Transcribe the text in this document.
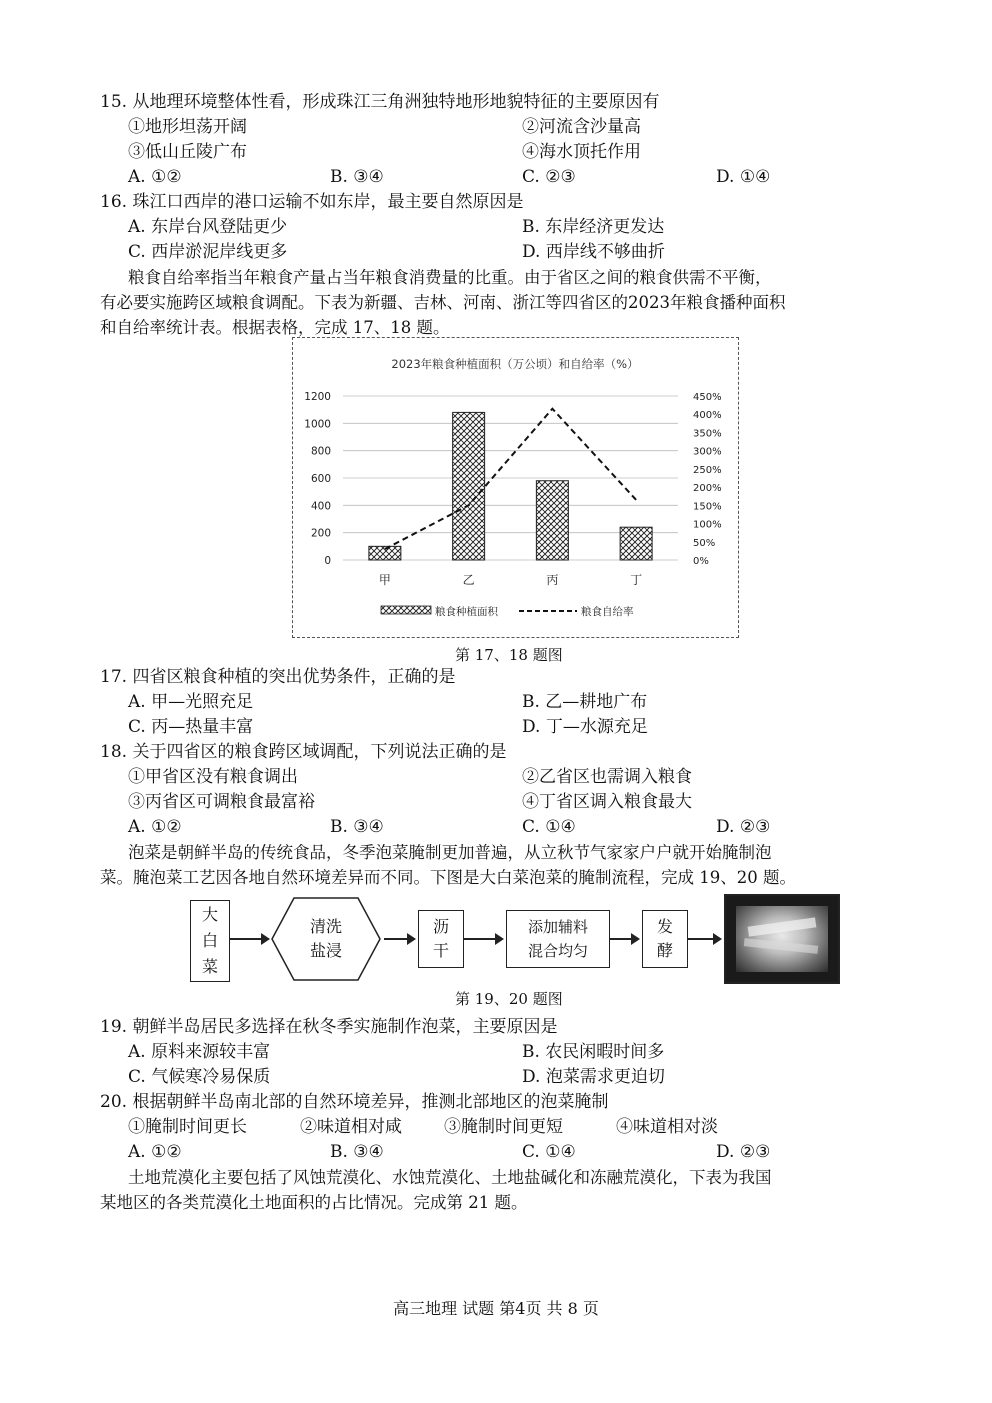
15. 从地理环境整体性看，形成珠江三角洲独特地形地貌特征的主要原因有
①地形坦荡开阔	②河流含沙量高
③低山丘陵广布	④海水顶托作用
A. ①②	B. ③④	C. ②③	D. ①④
16. 珠江口西岸的港口运输不如东岸，最主要自然原因是
A. 东岸台风登陆更少	B. 东岸经济更发达
C. 西岸淤泥岸线更多	D. 西岸线不够曲折
粮食自给率指当年粮食产量占当年粮食消费量的比重。由于省区之间的粮食供需不平衡，
有必要实施跨区域粮食调配。下表为新疆、吉林、河南、浙江等四省区的2023年粮食播种面积
和自给率统计表。根据表格，完成 17、18 题。
2023年粮食种植面积（万公顷）和自给率（%）
0
200
400
600
800
1000
1200
0%
50%
100%
150%
200%
250%
300%
350%
400%
450%
甲	乙	丙	丁
粮食种植面积	粮食自给率
第 17、18 题图
17. 四省区粮食种植的突出优势条件，正确的是
A. 甲—光照充足	B. 乙—耕地广布
C. 丙—热量丰富	D. 丁—水源充足
18. 关于四省区的粮食跨区域调配，下列说法正确的是
①甲省区没有粮食调出	②乙省区也需调入粮食
③丙省区可调粮食最富裕	④丁省区调入粮食最大
A. ①②	B. ③④	C. ①④	D. ②③
泡菜是朝鲜半岛的传统食品，冬季泡菜腌制更加普遍，从立秋节气家家户户就开始腌制泡
菜。腌泡菜工艺因各地自然环境差异而不同。下图是大白菜泡菜的腌制流程，完成 19、20 题。
大
白
菜
清洗
盐浸
沥
干
添加辅料
混合均匀
发
酵
第 19、20 题图
19. 朝鲜半岛居民多选择在秋冬季实施制作泡菜，主要原因是
A. 原料来源较丰富	B. 农民闲暇时间多
C. 气候寒冷易保质	D. 泡菜需求更迫切
20. 根据朝鲜半岛南北部的自然环境差异，推测北部地区的泡菜腌制
①腌制时间更长	②味道相对咸 ③腌制时间更短	④味道相对淡
A. ①②	B. ③④	C. ①④	D. ②③
土地荒漠化主要包括了风蚀荒漠化、水蚀荒漠化、土地盐碱化和冻融荒漠化，下表为我国
某地区的各类荒漠化土地面积的占比情况。完成第 21 题。
高三地理 试题 第4页 共 8 页
